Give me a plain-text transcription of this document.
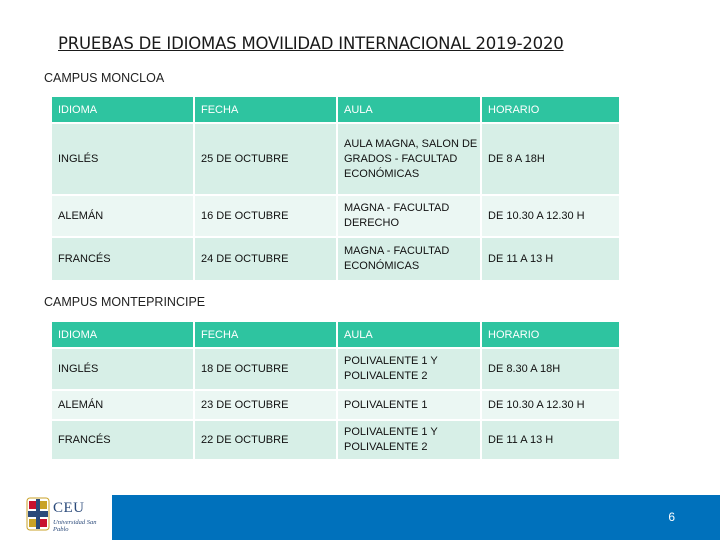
PRUEBAS DE IDIOMAS MOVILIDAD INTERNACIONAL 2019-2020
CAMPUS MONCLOA
IDIOMA	FECHA	AULA	HORARIO
INGLÉS	25 DE OCTUBRE	AULA MAGNA, SALON DE GRADOS - FACULTAD ECONÓMICAS	DE 8 A 18H
ALEMÁN	16 DE OCTUBRE	MAGNA - FACULTAD DERECHO	DE 10.30 A 12.30 H
FRANCÉS	24 DE OCTUBRE	MAGNA - FACULTAD ECONÓMICAS	DE 11 A 13 H
CAMPUS MONTEPRINCIPE
IDIOMA	FECHA	AULA	HORARIO
INGLÉS	18 DE OCTUBRE	POLIVALENTE 1 Y POLIVALENTE 2	DE 8.30 A 18H
ALEMÁN	23 DE OCTUBRE	POLIVALENTE 1	DE 10.30 A 12.30 H
FRANCÉS	22 DE OCTUBRE	POLIVALENTE 1 Y POLIVALENTE 2	DE 11 A 13 H
CEU
Universidad San Pablo
6
